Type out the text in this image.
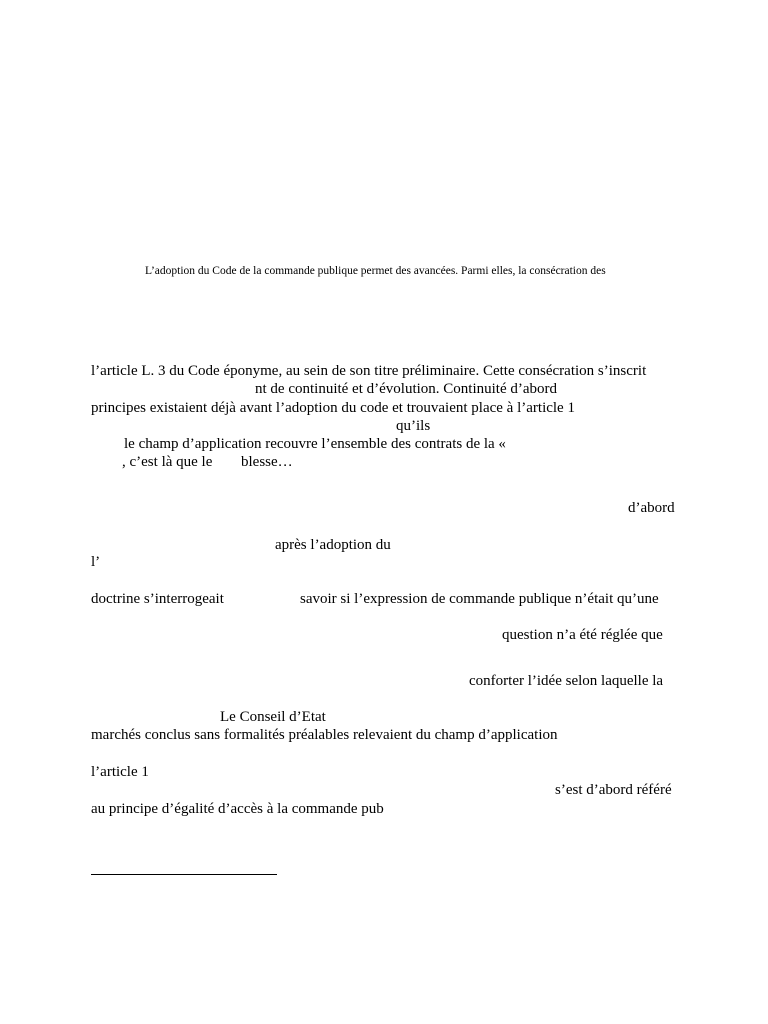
L’adoption du Code de la commande publique permet des avancées. Parmi elles, la consécration des
l’article L. 3 du Code éponyme, au sein de son titre préliminaire. Cette consécration s’inscrit
nt de continuité et d’évolution. Continuité d’abord
principes existaient déjà avant l’adoption du code et trouvaient place à l’article 1
qu’ils
le champ d’application recouvre l’ensemble des contrats de la «
, c’est là que le blesse…
d’abord
après l’adoption du
l’
doctrine s’interrogeait	savoir si l’expression de commande publique n’était qu’une
question n’a été réglée que
conforter l’idée selon laquelle la
Le Conseil d’Etat
marchés conclus sans formalités préalables relevaient du champ d’application
l’article 1
s’est d’abord référé
au principe d’égalité d’accès à la commande pub
